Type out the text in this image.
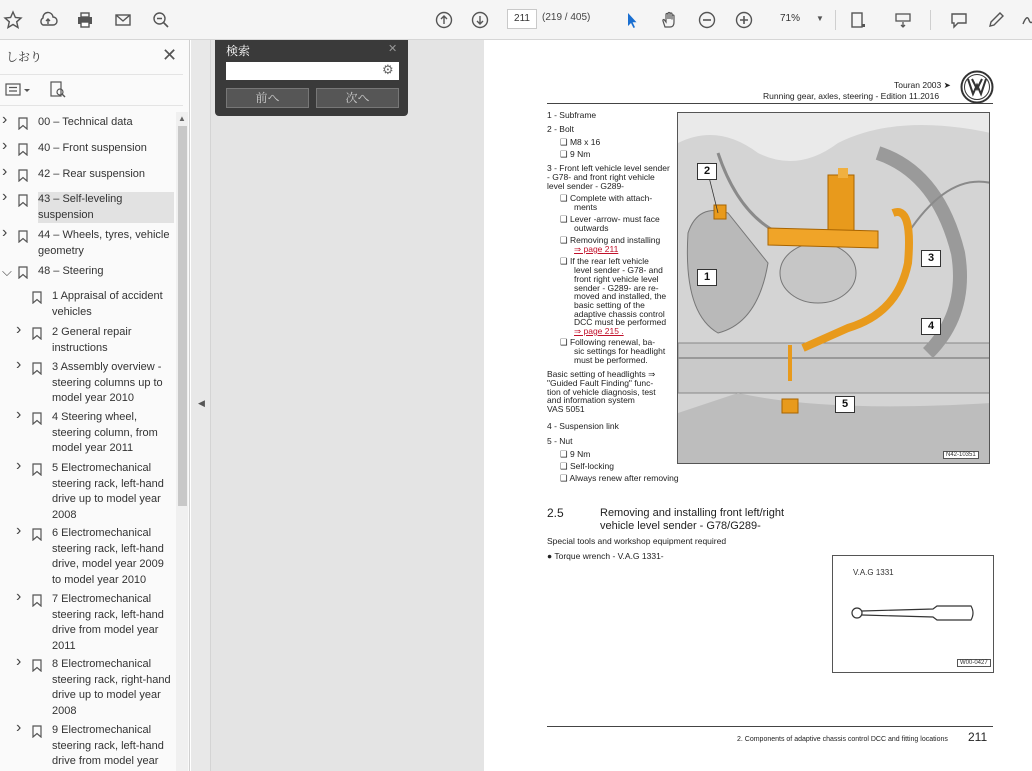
211	(219 / 405)	71% ▼
しおり	✕
›	00 – Technical data
›	40 – Front suspension
›	42 – Rear suspension
›	43 – Self-leveling suspension
›	44 – Wheels, tyres, vehicle geometry
⌵ 48 – Steering
1 Appraisal of accident vehicles
›	2 General repair instructions
›	3 Assembly overview - steering columns up to model year 2010
›	4 Steering wheel, steering column, from model year 2011
›	5 Electromechanical steering rack, left-hand drive up to model year 2008
›	6 Electromechanical steering rack, left-hand drive, model year 2009 to model year 2010
›	7 Electromechanical steering rack, left-hand drive from model year 2011
›	8 Electromechanical steering rack, right-hand drive up to model year 2008
›	9 Electromechanical steering rack, left-hand drive from model year
▲
◀
検索	✕
⚙
前へ	次へ
Touran 2003 ➤
Running gear, axles, steering - Edition 11.2016
1 - Subframe
2 - Bolt
❑ M8 x 16
❑ 9 Nm
3 - Front left vehicle level sender
- G78- and front right vehicle
level sender - G289-
❑ Complete with attach-
ments
❑ Lever -arrow- must face
outwards
❑ Removing and installing
⇒ page 211
❑ If the rear left vehicle
level sender - G78- and
front right vehicle level
sender - G289- are re-
moved and installed, the
basic setting of the
adaptive chassis control
DCC must be performed
⇒ page 215 .
❑ Following renewal, ba-
sic settings for headlight
must be performed.
Basic setting of headlights ⇒
"Guided Fault Finding" func-
tion of vehicle diagnosis, test
and information system
VAS 5051
4 - Suspension link
5 - Nut
❑ 9 Nm
❑ Self-locking
❑ Always renew after removing
2
1
3
4
5
N42-10351
2.5	Removing and installing front left/right
vehicle level sender - G78/G289-
Special tools and workshop equipment required
● Torque wrench - V.A.G 1331-
V.A.G 1331
W00-0427
2. Components of adaptive chassis control DCC and fitting locations 211
